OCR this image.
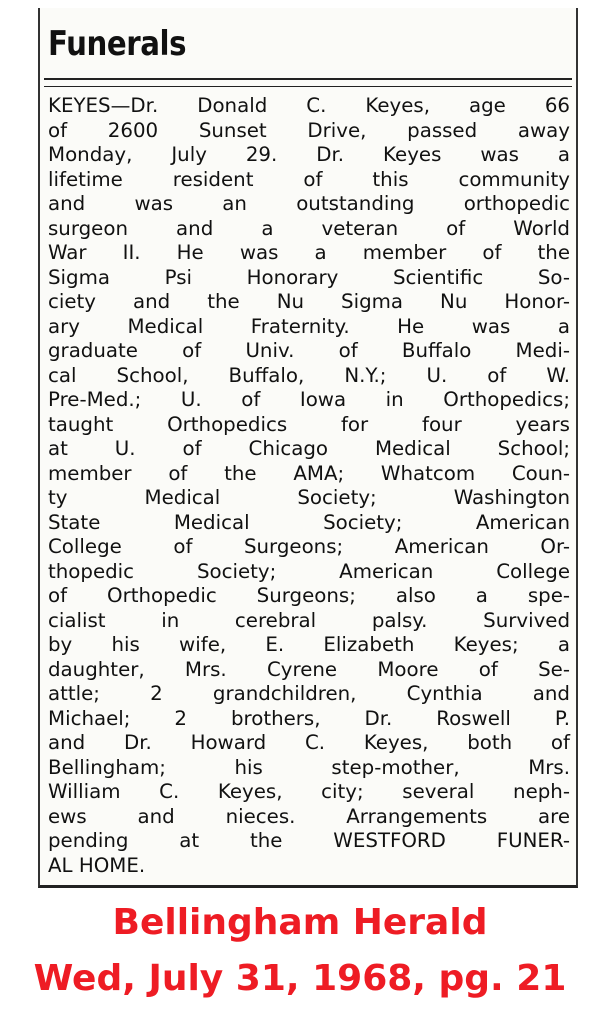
Funerals

KEYES—Dr. Donald C. Keyes, age 66
of 2600 Sunset Drive, passed away
Monday, July 29. Dr. Keyes was a
lifetime resident of this community
and was an outstanding orthopedic
surgeon and a veteran of World
War II. He was a member of the
Sigma Psi Honorary Scientific So-
ciety and the Nu Sigma Nu Honor-
ary Medical Fraternity. He was a
graduate of Univ. of Buffalo Medi-
cal School, Buffalo, N.Y.; U. of W.
Pre-Med.; U. of Iowa in Orthopedics;
taught Orthopedics for four years
at U. of Chicago Medical School;
member of the AMA; Whatcom Coun-
ty Medical Society; Washington
State Medical Society; American
College of Surgeons; American Or-
thopedic Society; American College
of Orthopedic Surgeons; also a spe-
cialist in cerebral palsy. Survived
by his wife, E. Elizabeth Keyes; a
daughter, Mrs. Cyrene Moore of Se-
attle; 2 grandchildren, Cynthia and
Michael; 2 brothers, Dr. Roswell P.
and Dr. Howard C. Keyes, both of
Bellingham; his step-mother, Mrs.
William C. Keyes, city; several neph-
ews and nieces. Arrangements are
pending at the WESTFORD FUNER-
AL HOME.

Bellingham Herald

Wed, July 31, 1968, pg. 21
